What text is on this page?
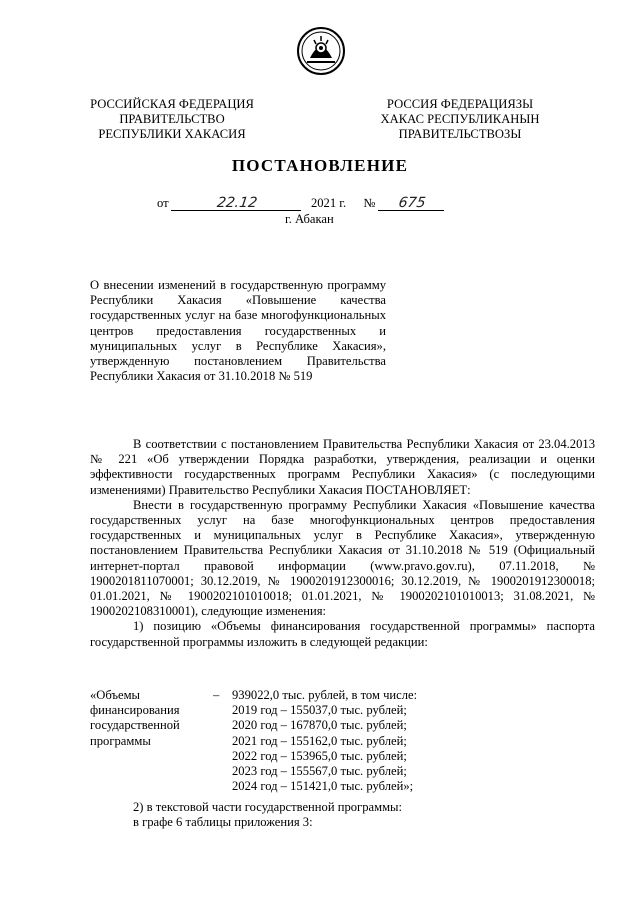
РОССИЙСКАЯ ФЕДЕРАЦИЯ
ПРАВИТЕЛЬСТВО
РЕСПУБЛИКИ ХАКАСИЯ
РОССИЯ ФЕДЕРАЦИЯЗЫ
ХАКАС РЕСПУБЛИКАНЫН
ПРАВИТЕЛЬСТВОЗЫ
ПОСТАНОВЛЕНИЕ
от	22.12	2021 г. № 675
г. Абакан

О внесении изменений в государственную программу Республики Хакасия «Повышение качества государственных услуг на базе многофункциональных центров предоставления государственных и муниципальных услуг в Республике Хакасия», утвержденную постановлением Правительства Республики Хакасия от 31.10.2018 № 519

В соответствии с постановлением Правительства Республики Хакасия от 23.04.2013 № 221 «Об утверждении Порядка разработки, утверждения, реализации и оценки эффективности государственных программ Республики Хакасия» (с последующими изменениями) Правительство Республики Хакасия ПОСТАНОВЛЯЕТ:

Внести в государственную программу Республики Хакасия «Повышение качества государственных услуг на базе многофункциональных центров предоставления государственных и муниципальных услуг в Республике Хакасия», утвержденную постановлением Правительства Республики Хакасия от 31.10.2018 № 519 (Официальный интернет-портал правовой информации (www.pravo.gov.ru), 07.11.2018, № 1900201811070001; 30.12.2019, № 1900201912300016; 30.12.2019, № 1900201912300018; 01.01.2021, № 1900202101010018; 01.01.2021, № 1900202101010013; 31.08.2021, № 1900202108310001), следующие изменения:

1) позицию «Объемы финансирования государственной программы» паспорта государственной программы изложить в следующей редакции:

«Объемы
финансирования
государственной
программы
– 939022,0 тыс. рублей, в том числе:
2019 год – 155037,0 тыс. рублей;
2020 год – 167870,0 тыс. рублей;
2021 год – 155162,0 тыс. рублей;
2022 год – 153965,0 тыс. рублей;
2023 год – 155567,0 тыс. рублей;
2024 год – 151421,0 тыс. рублей»;

2) в текстовой части государственной программы:

в графе 6 таблицы приложения 3:
